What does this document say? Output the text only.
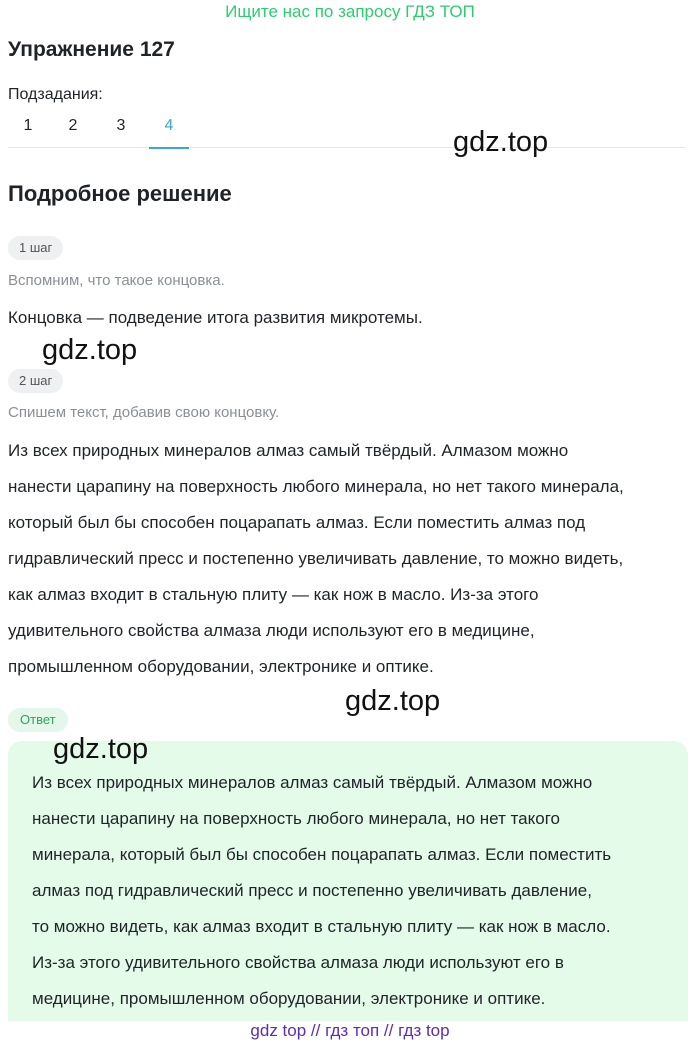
Ищите нас по запросу ГДЗ ТОП
Упражнение 127
Подзадания:
1	2	3	4
gdz.top
Подробное решение
1 шаг
Вспомним, что такое концовка.
Концовка — подведение итога развития микротемы.
gdz.top
2 шаг
Спишем текст, добавив свою концовку.
Из всех природных минералов алмаз самый твёрдый. Алмазом можно
нанести царапину на поверхность любого минерала, но нет такого минерала,
который был бы способен поцарапать алмаз. Если поместить алмаз под
гидравлический пресс и постепенно увеличивать давление, то можно видеть,
как алмаз входит в стальную плиту — как нож в масло. Из-за этого
удивительного свойства алмаза люди используют его в медицине,
промышленном оборудовании, электронике и оптике.
gdz.top
Ответ
gdz.top
Из всех природных минералов алмаз самый твёрдый. Алмазом можно
нанести царапину на поверхность любого минерала, но нет такого
минерала, который был бы способен поцарапать алмаз. Если поместить
алмаз под гидравлический пресс и постепенно увеличивать давление,
то можно видеть, как алмаз входит в стальную плиту — как нож в масло.
Из-за этого удивительного свойства алмаза люди используют его в
медицине, промышленном оборудовании, электронике и оптике.
gdz top // гдз топ // гдз top
